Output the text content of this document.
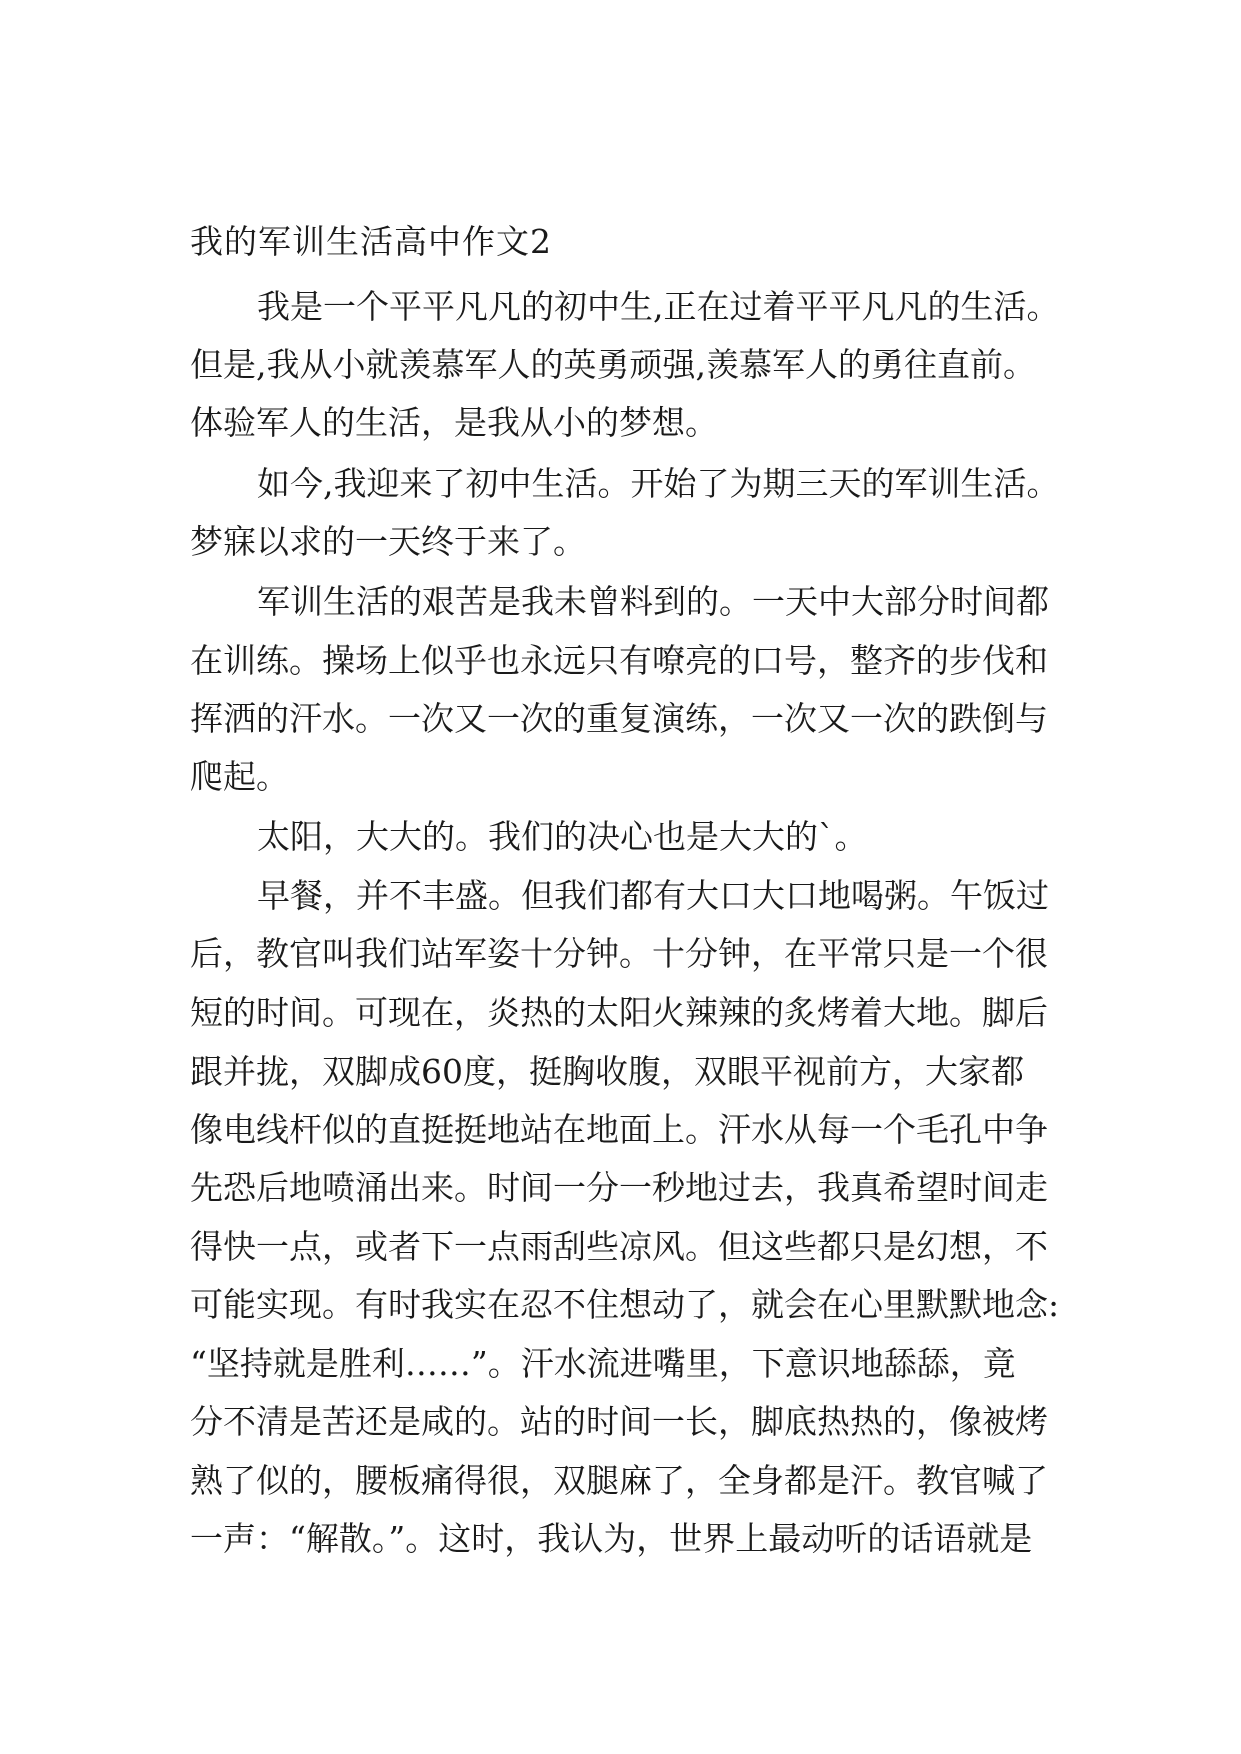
我的军训生活高中作文2
我是一个平平凡凡的初中生,正在过着平平凡凡的生活。
但是,我从小就羡慕军人的英勇顽强,羡慕军人的勇往直前。
体验军人的生活，是我从小的梦想。
如今,我迎来了初中生活。开始了为期三天的军训生活。
梦寐以求的一天终于来了。
军训生活的艰苦是我未曾料到的。一天中大部分时间都
在训练。操场上似乎也永远只有嘹亮的口号，整齐的步伐和
挥洒的汗水。一次又一次的重复演练，一次又一次的跌倒与
爬起。
太阳，大大的。我们的决心也是大大的`。
早餐，并不丰盛。但我们都有大口大口地喝粥。午饭过
后，教官叫我们站军姿十分钟。十分钟，在平常只是一个很
短的时间。可现在，炎热的太阳火辣辣的炙烤着大地。脚后
跟并拢，双脚成60度，挺胸收腹，双眼平视前方，大家都
像电线杆似的直挺挺地站在地面上。汗水从每一个毛孔中争
先恐后地喷涌出来。时间一分一秒地过去，我真希望时间走
得快一点，或者下一点雨刮些凉风。但这些都只是幻想，不
可能实现。有时我实在忍不住想动了，就会在心里默默地念:
“坚持就是胜利……”。汗水流进嘴里，下意识地舔舔，竟
分不清是苦还是咸的。站的时间一长，脚底热热的，像被烤
熟了似的，腰板痛得很，双腿麻了，全身都是汗。教官喊了
一声：“解散。”。这时，我认为，世界上最动听的话语就是
